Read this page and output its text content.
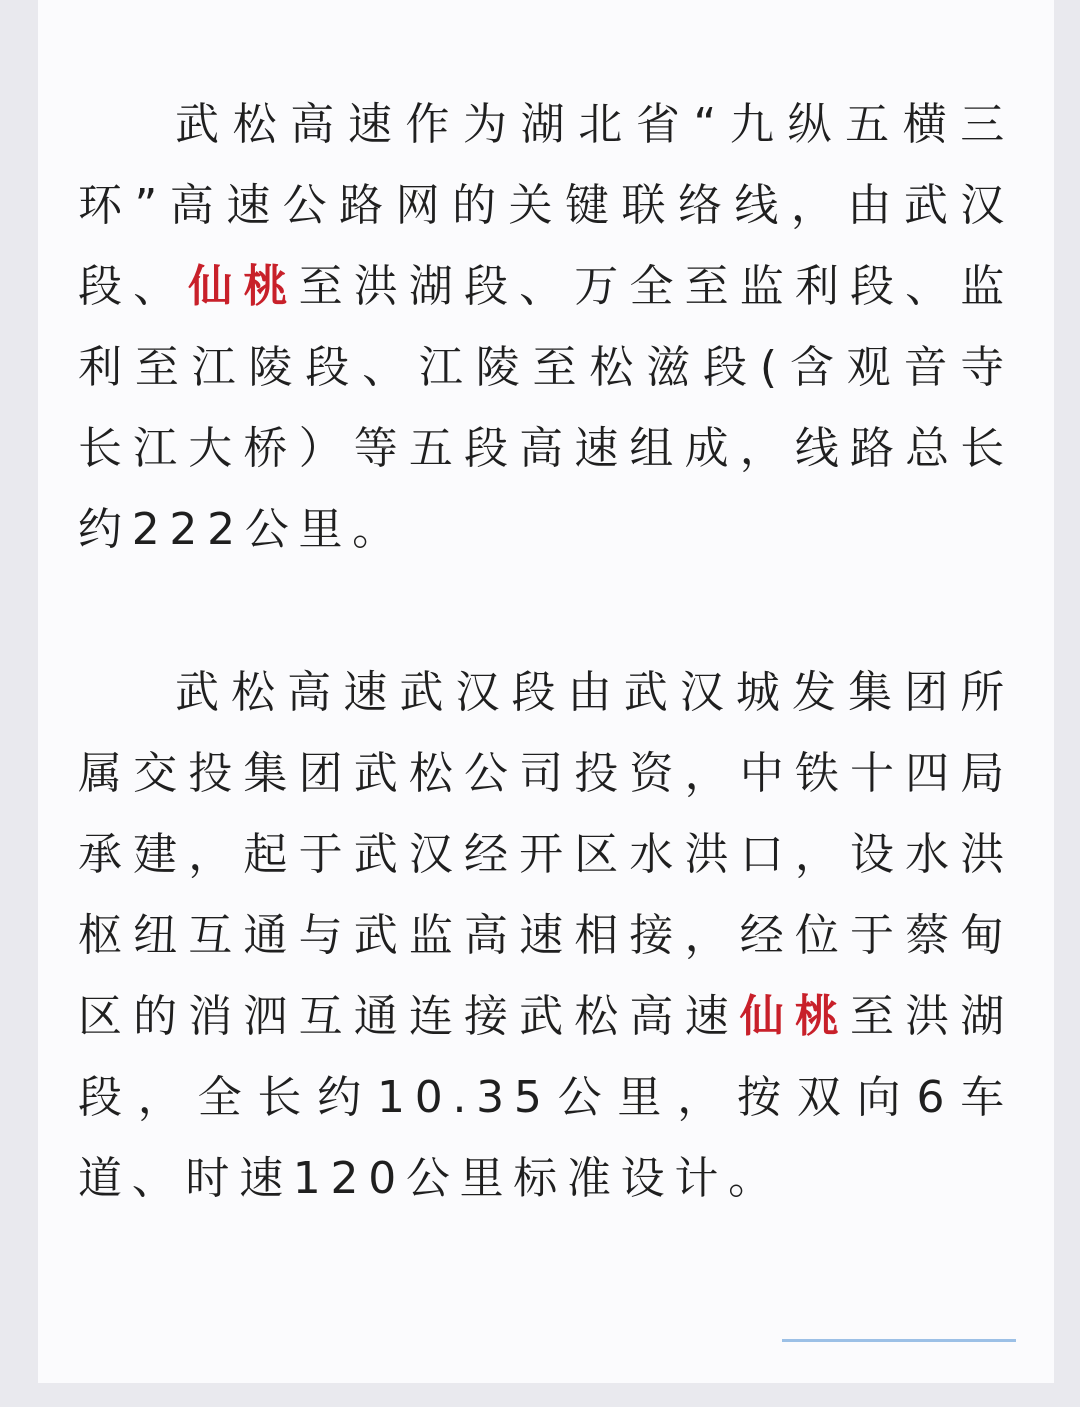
武松高速作为湖北省“九纵五横三环”高速公路网的关键联络线，由武汉段、仙桃至洪湖段、万全至监利段、监利至江陵段、江陵至松滋段(含观音寺长江大桥）等五段高速组成，线路总长约222公里。

武松高速武汉段由武汉城发集团所属交投集团武松公司投资，中铁十四局承建，起于武汉经开区水洪口，设水洪枢纽互通与武监高速相接，经位于蔡甸区的消泗互通连接武松高速仙桃至洪湖段，全长约10.35公里，按双向6车道、时速120公里标准设计。
